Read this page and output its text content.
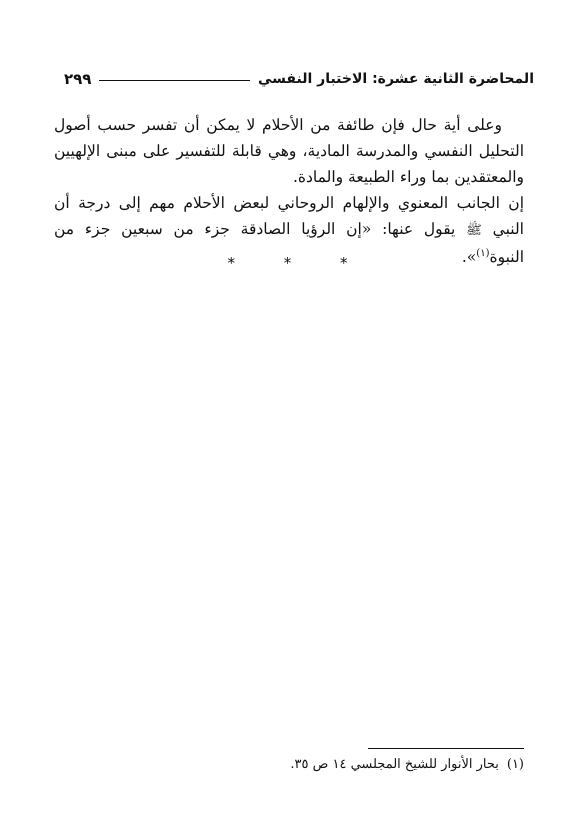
المحاضرة الثانية عشرة: الاختبار النفسي
٢٩٩

وعلى أية حال فإن طائفة من الأحلام لا يمكن أن تفسر حسب أصول التحليل النفسي والمدرسة المادية، وهي قابلة للتفسير على مبنى الإلهيين والمعتقدين بما وراء الطبيعة والمادة.

إن الجانب المعنوي والإلهام الروحاني لبعض الأحلام مهم إلى درجة أن النبي ﷺ يقول عنها: «إن الرؤيا الصادقة جزء من سبعين جزء من النبوة$^{(١)}$».

* * *
(١)بحار الأنوار للشيخ المجلسي ١٤ ص ٣٥.
